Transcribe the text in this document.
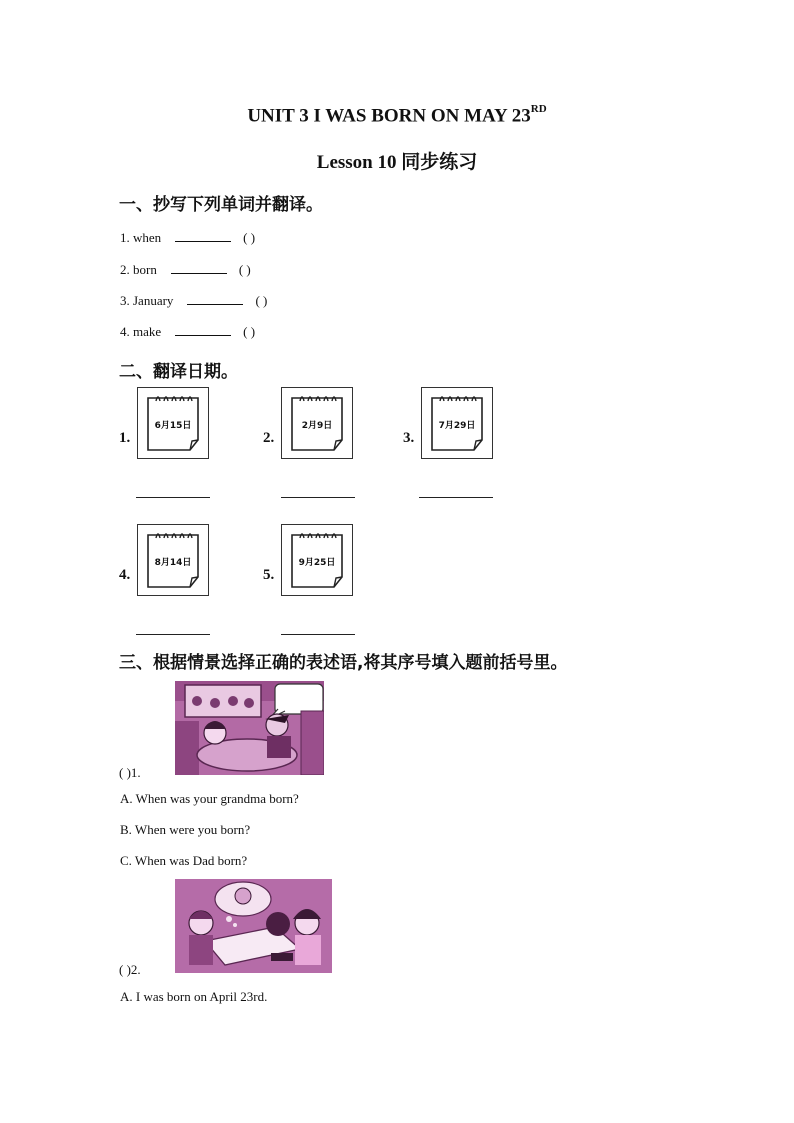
UNIT 3 I WAS BORN ON MAY 23RD
Lesson 10 同步练习
一、抄写下列单词并翻译。
1. when	( )
2. born	( )
3. January	( )
4. make	( )
二、翻译日期。
1.
6月15日
2.
2月9日
3.
7月29日
4.
8月14日
5.
9月25日
三、根据情景选择正确的表述语,将其序号填入题前括号里。
( )1.
A. When was your grandma born?
B. When were you born?
C. When was Dad born?
( )2.
A. I was born on April 23rd.
